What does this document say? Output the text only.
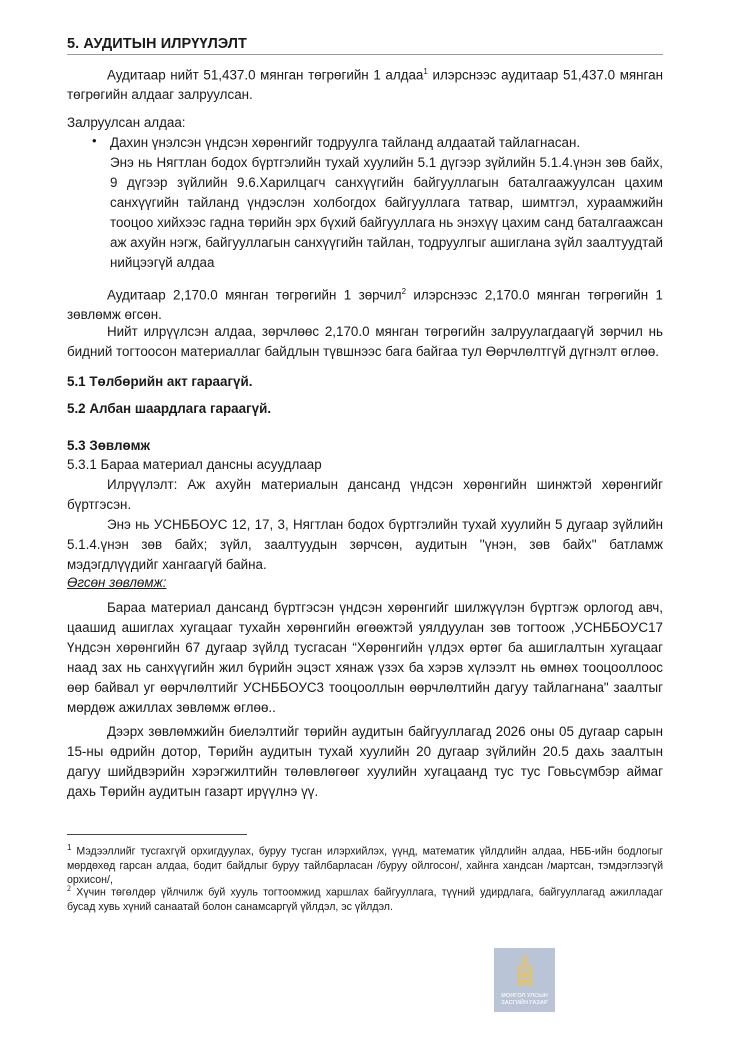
5. АУДИТЫН ИЛРҮҮЛЭЛТ
Аудитаар нийт 51,437.0 мянган төгрөгийн 1 алдаа$^1$ илэрснээс аудитаар 51,437.0 мянган төгрөгийн алдааг залруулсан.
Залруулсан алдаа:
• Дахин үнэлсэн үндсэн хөрөнгийг тодруулга тайланд алдаатай тайлагнасан.
Энэ нь Нягтлан бодох бүртгэлийн тухай хуулийн 5.1 дүгээр зүйлийн 5.1.4.үнэн зөв байх, 9 дүгээр зүйлийн 9.6.Харилцагч санхүүгийн байгууллагын баталгаажуулсан цахим санхүүгийн тайланд үндэслэн холбогдох байгууллага татвар, шимтгэл, хураамжийн тооцоо хийхээс гадна төрийн эрх бүхий байгууллага нь энэхүү цахим санд баталгаажсан аж ахуйн нэгж, байгууллагын санхүүгийн тайлан, тодруулгыг ашиглана зүйл заалтуудтай нийцээгүй алдаа
Аудитаар 2,170.0 мянган төгрөгийн 1 зөрчил$^2$ илэрснээс 2,170.0 мянган төгрөгийн 1 зөвлөмж өгсөн.
Нийт илрүүлсэн алдаа, зөрчлөөс 2,170.0 мянган төгрөгийн залруулагдаагүй зөрчил нь бидний тогтоосон материаллаг байдлын түвшнээс бага байгаа тул Өөрчлөлтгүй дүгнэлт өглөө.
5.1 Төлбөрийн акт гараагүй.
5.2 Албан шаардлага гараагүй.
5.3 Зөвлөмж
5.3.1 Бараа материал дансны асуудлаар
Илрүүлэлт: Аж ахуйн материалын дансанд үндсэн хөрөнгийн шинжтэй хөрөнгийг бүртгэсэн.
Энэ нь УСНББОУС 12, 17, 3, Нягтлан бодох бүртгэлийн тухай хуулийн 5 дугаар зүйлийн 5.1.4.үнэн зөв байх; зүйл, заалтуудын зөрчсөн, аудитын ''үнэн, зөв байх'' батламж мэдэгдлүүдийг хангаагүй байна.
Өгсөн зөвлөмж:
Бараа материал дансанд бүртгэсэн үндсэн хөрөнгийг шилжүүлэн бүртгэж орлогод авч, цаашид ашиглах хугацааг тухайн хөрөнгийн өгөөжтэй уялдуулан зөв тогтоож ,УСНББОУС17 Үндсэн хөрөнгийн 67 дугаар зүйлд тусгасан “Хөрөнгийн үлдэх өртөг ба ашиглалтын хугацааг наад зах нь санхүүгийн жил бүрийн эцэст хянаж үзэх ба хэрэв хүлээлт нь өмнөх тооцооллоос өөр байвал уг өөрчлөлтийг УСНББОУС3 тооцооллын өөрчлөлтийн дагуу тайлагнана" заалтыг мөрдөж ажиллах зөвлөмж өглөө..
Дээрх зөвлөмжийн биелэлтийг төрийн аудитын байгууллагад 2026 оны 05 дугаар сарын 15-ны өдрийн дотор, Төрийн аудитын тухай хуулийн 20 дугаар зүйлийн 20.5 дахь заалтын дагуу шийдвэрийн хэрэгжилтийн төлөвлөгөөг хуулийн хугацаанд тус тус Говьсүмбэр аймаг дахь Төрийн аудитын газарт ирүүлнэ үү.
$^1$ Мэдээллийг тусгахгүй орхигдуулах, буруу тусган илэрхийлэх, үүнд, математик үйлдлийн алдаа, НББ-ийн бодлогыг мөрдөхөд гарсан алдаа, бодит байдлыг буруу тайлбарласан /буруу ойлгосон/, хайнга хандсан /мартсан, тэмдэглээгүй орхисон/,
$^2$ Хүчин төгөлдөр үйлчилж буй хууль тогтоомжид харшлах байгууллага, түүний удирдлага, байгууллагад ажилладаг бусад хувь хүний санаатай болон санамсаргүй үйлдэл, эс үйлдэл.
МОНГОЛ УЛСЫН
ЗАСГИЙН ГАЗАР
